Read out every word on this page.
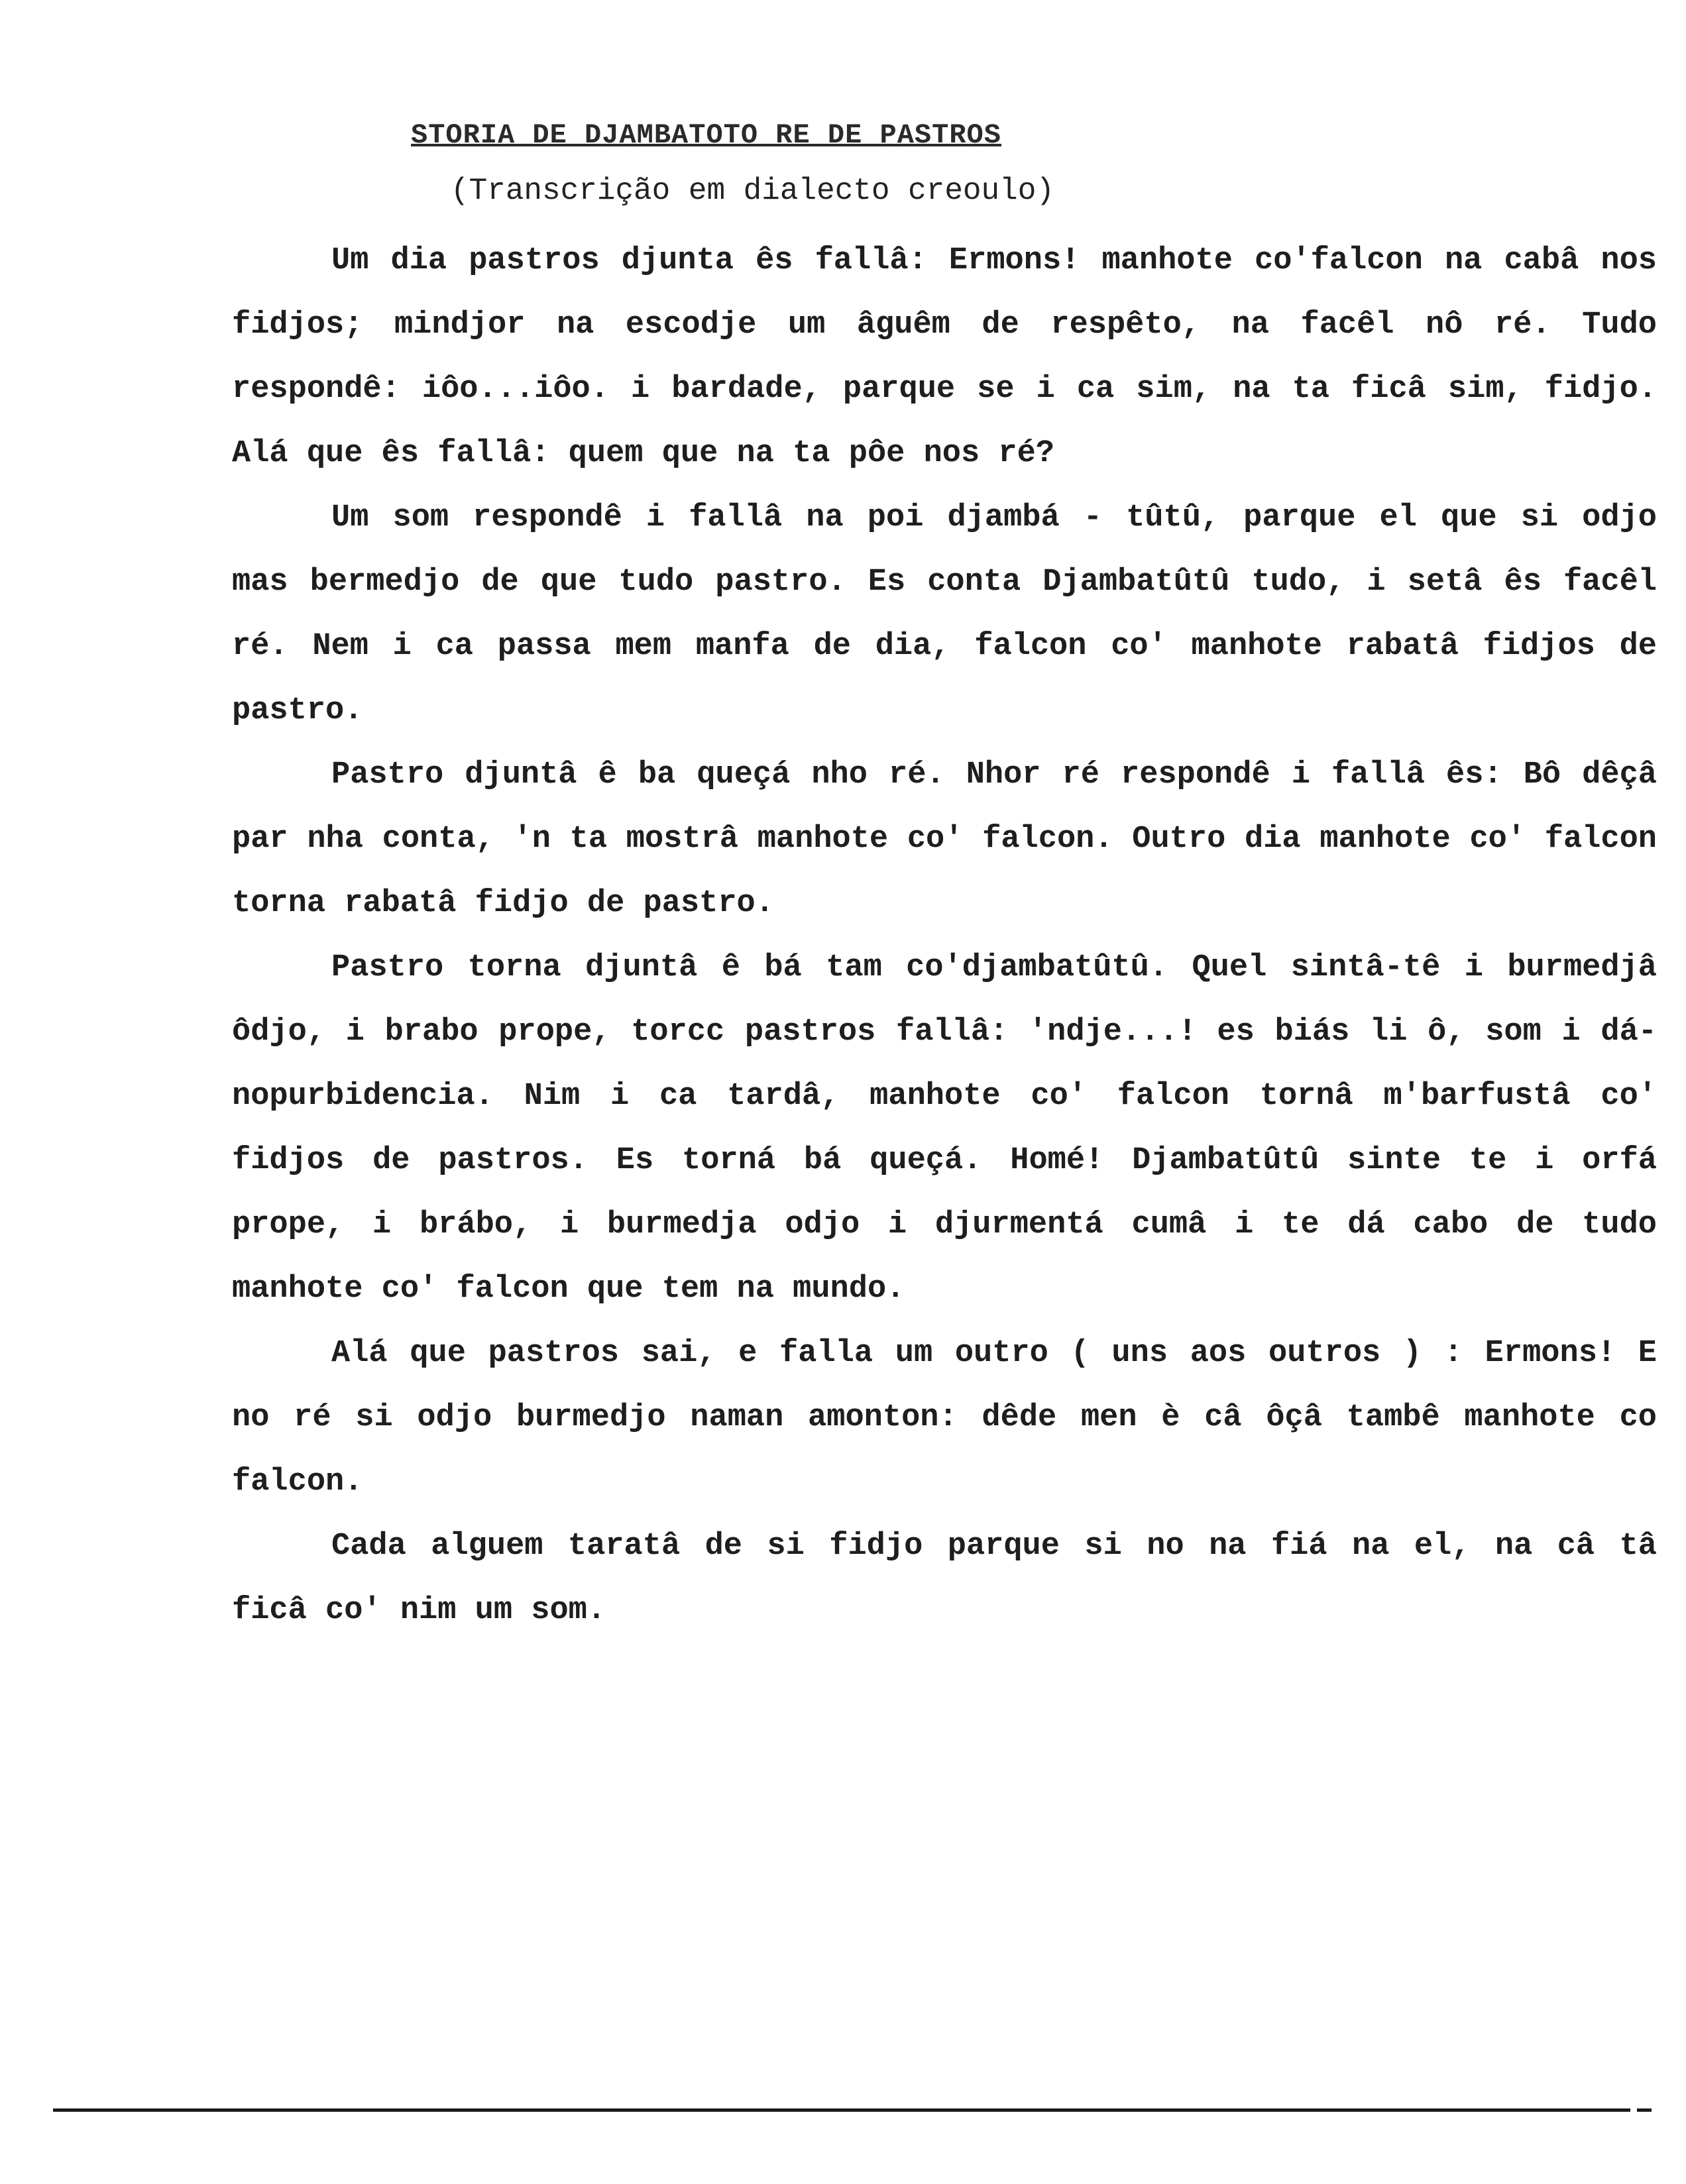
STORIA DE DJAMBATOTO RE DE PASTROS
(Transcrição em dialecto creoulo)

Um dia pastros djunta ês fallâ: Ermons! manhote co'falcon na cabâ nos fidjos; mindjor na escodje um âguêm de respêto, na facêl nô ré. Tudo respondê: iôo...iôo. i bardade, parque se i ca sim, na ta ficâ sim, fidjo. Alá que ês fallâ: quem que na ta pôe nos ré?

Um som respondê i fallâ na poi djambá - tûtû, parque el que si odjo mas bermedjo de que tudo pastro. Es conta Djambatûtû tudo, i setâ ês facêl ré. Nem i ca passa mem manfa de dia, falcon co' manhote rabatâ fidjos de pastro.

Pastro djuntâ ê ba queçá nho ré. Nhor ré respondê i fallâ ês: Bô dêçâ par nha conta, 'n ta mostrâ manhote co' falcon. Outro dia manhote co' falcon torna rabatâ fidjo de pastro.

Pastro torna djuntâ ê bá tam co'djambatûtû. Quel sintâ-tê i burmedjâ ôdjo, i brabo prope, torcc pastros fallâ: 'ndje...! es biás li ô, som i dá-nopurbidencia. Nim i ca tardâ, manhote co' falcon tornâ m'barfustâ co' fidjos de pastros. Es torná bá queçá. Homé! Djambatûtû sinte te i orfá prope, i brábo, i burmedja odjo i djurmentá cumâ i te dá cabo de tudo manhote co' falcon que tem na mundo.

Alá que pastros sai, e falla um outro ( uns aos outros ) : Ermons! E no ré si odjo burmedjo naman amonton: dêde men è câ ôçâ tambê manhote co falcon.

Cada alguem taratâ de si fidjo parque si no na fiá na el, na câ tâ ficâ co' nim um som.
